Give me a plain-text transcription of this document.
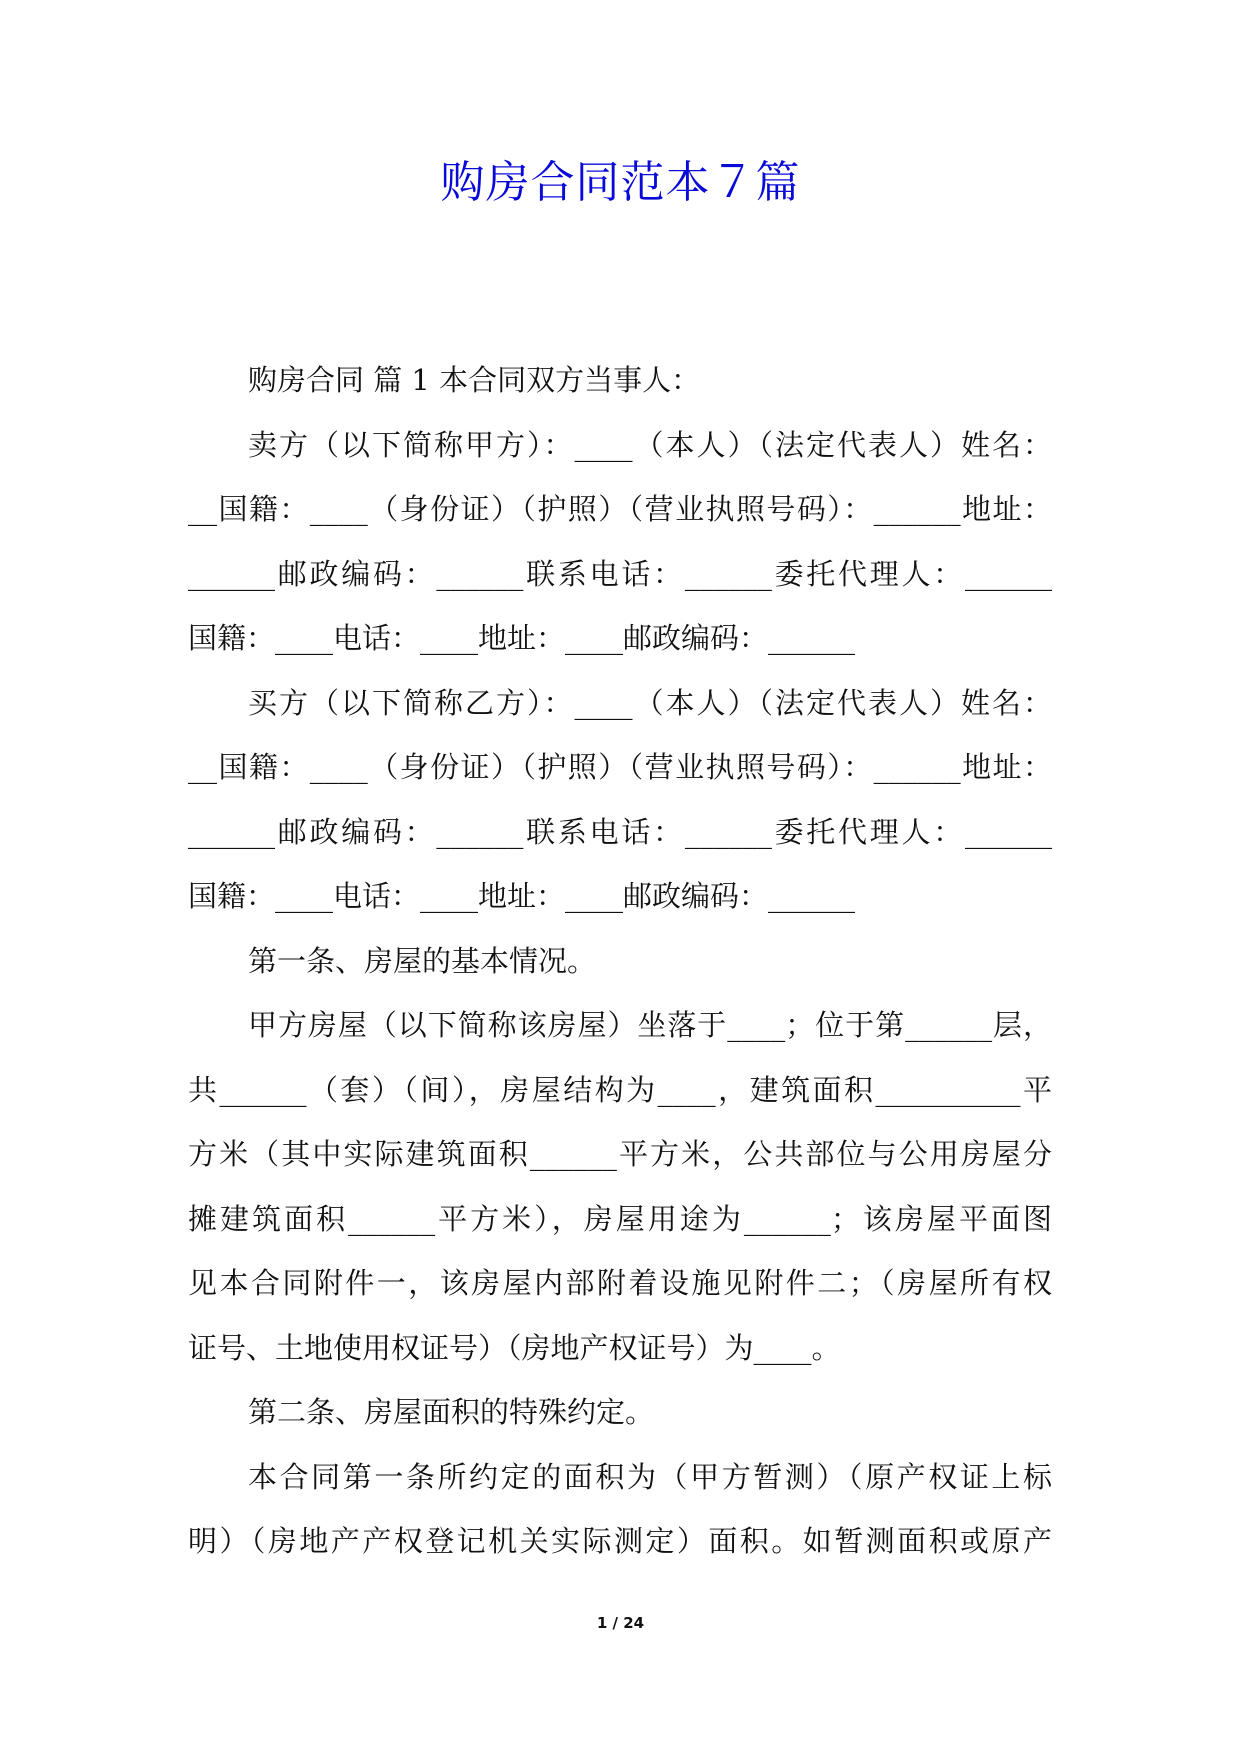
购房合同范本７篇
购房合同 篇 1 本合同双方当事人：
卖方（以下简称甲方）：____（本人）（法定代表人）姓名：
__国籍：____（身份证）（护照）（营业执照号码）：______地址：
______邮政编码：______联系电话：______委托代理人：______
国籍：____电话：____地址：____邮政编码：______
买方（以下简称乙方）：____（本人）（法定代表人）姓名：
__国籍：____（身份证）（护照）（营业执照号码）：______地址：
______邮政编码：______联系电话：______委托代理人：______
国籍：____电话：____地址：____邮政编码：______
第一条、房屋的基本情况。
甲方房屋（以下简称该房屋）坐落于____；位于第______层，
共______（套）（间），房屋结构为____，建筑面积__________平
方米（其中实际建筑面积______平方米，公共部位与公用房屋分
摊建筑面积______平方米），房屋用途为______；该房屋平面图
见本合同附件一，该房屋内部附着设施见附件二；（房屋所有权
证号、土地使用权证号）（房地产权证号）为____。
第二条、房屋面积的特殊约定。
本合同第一条所约定的面积为（甲方暂测）（原产权证上标
明）（房地产产权登记机关实际测定）面积。如暂测面积或原产
1 / 24
